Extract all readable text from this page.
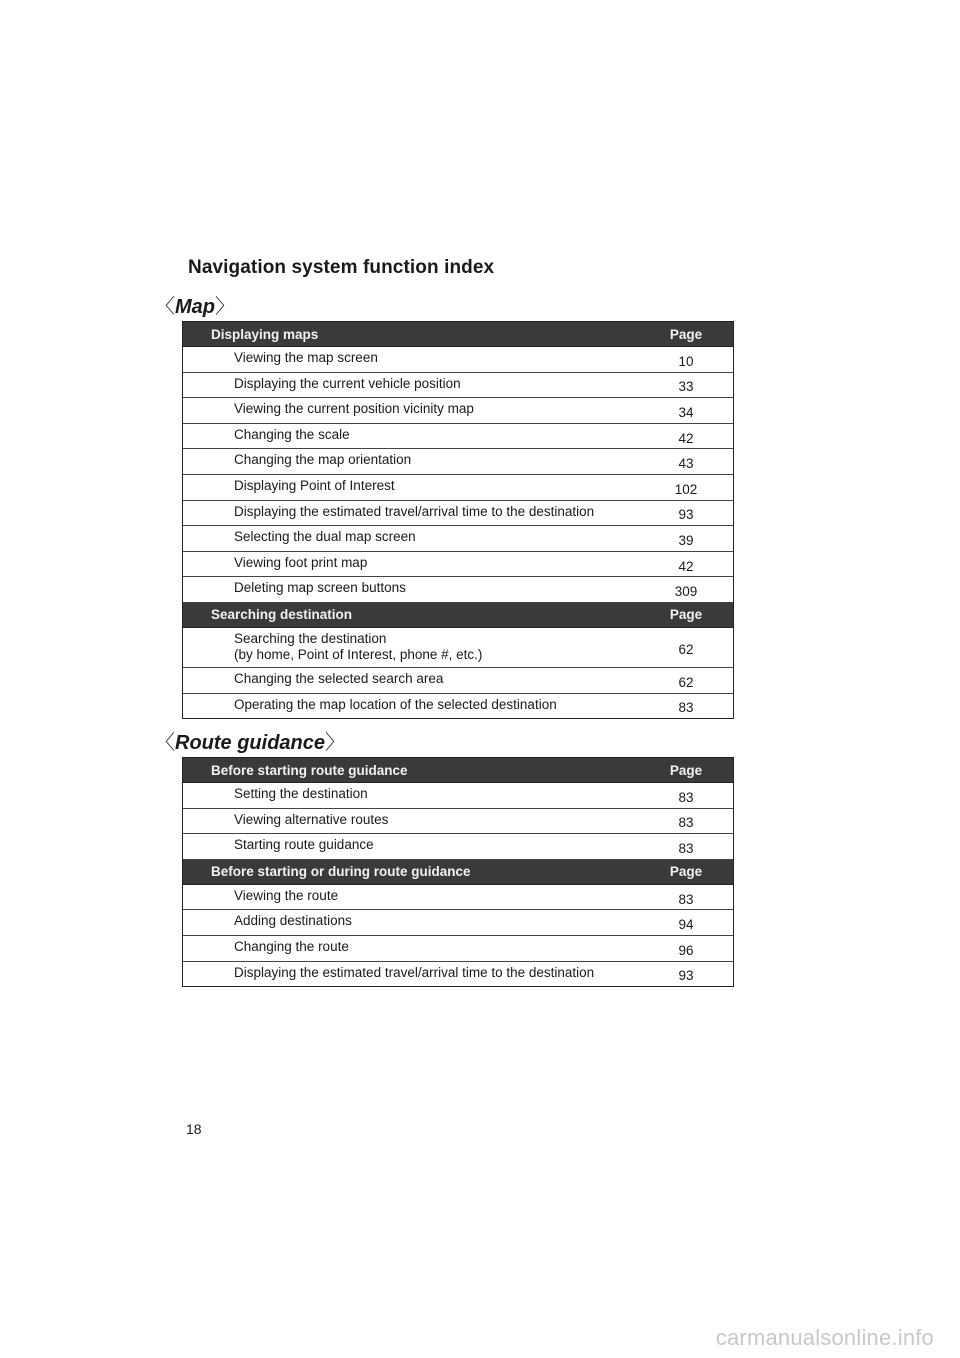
Navigation system function index
〈Map〉
Displaying maps	Page
Viewing the map screen	10
Displaying the current vehicle position	33
Viewing the current position vicinity map	34
Changing the scale	42
Changing the map orientation	43
Displaying Point of Interest	102
Displaying the estimated travel/arrival time to the destination	93
Selecting the dual map screen	39
Viewing foot print map	42
Deleting map screen buttons	309
Searching destination	Page
Searching the destination
(by home, Point of Interest, phone #, etc.)	62
Changing the selected search area	62
Operating the map location of the selected destination	83
〈Route guidance〉
Before starting route guidance	Page
Setting the destination	83
Viewing alternative routes	83
Starting route guidance	83
Before starting or during route guidance	Page
Viewing the route	83
Adding destinations	94
Changing the route	96
Displaying the estimated travel/arrival time to the destination	93
18
carmanualsonline.info
